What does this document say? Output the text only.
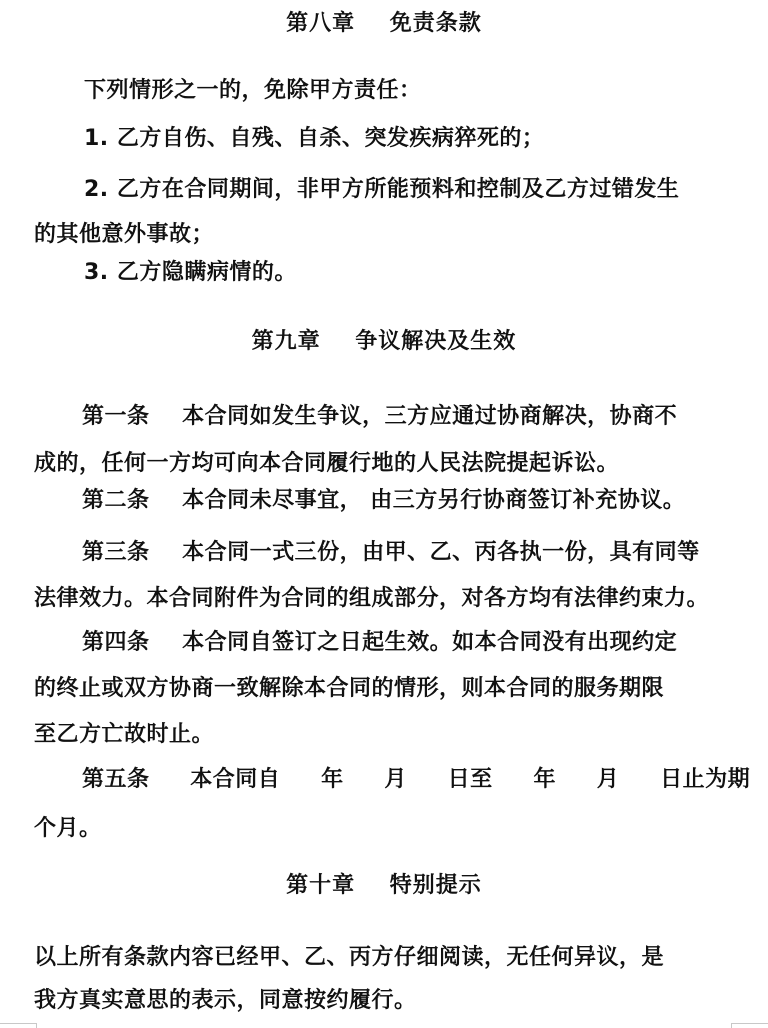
第八章    免责条款
下列情形之一的，免除甲方责任：
1. 乙方自伤、自残、自杀、突发疾病猝死的；
2. 乙方在合同期间，非甲方所能预料和控制及乙方过错发生
的其他意外事故；
3. 乙方隐瞒病情的。
第九章    争议解决及生效
第一条    本合同如发生争议，三方应通过协商解决，协商不
成的，任何一方均可向本合同履行地的人民法院提起诉讼。
第二条    本合同未尽事宜， 由三方另行协商签订补充协议。
第三条    本合同一式三份，由甲、乙、丙各执一份，具有同等
法律效力。本合同附件为合同的组成部分，对各方均有法律约束力。
第四条    本合同自签订之日起生效。如本合同没有出现约定
的终止或双方协商一致解除本合同的情形，则本合同的服务期限
至乙方亡故时止。
第五条     本合同自     年     月     日至     年     月     日止为期
个月。
第十章    特别提示
以上所有条款内容已经甲、乙、丙方仔细阅读，无任何异议，是
我方真实意思的表示，同意按约履行。
